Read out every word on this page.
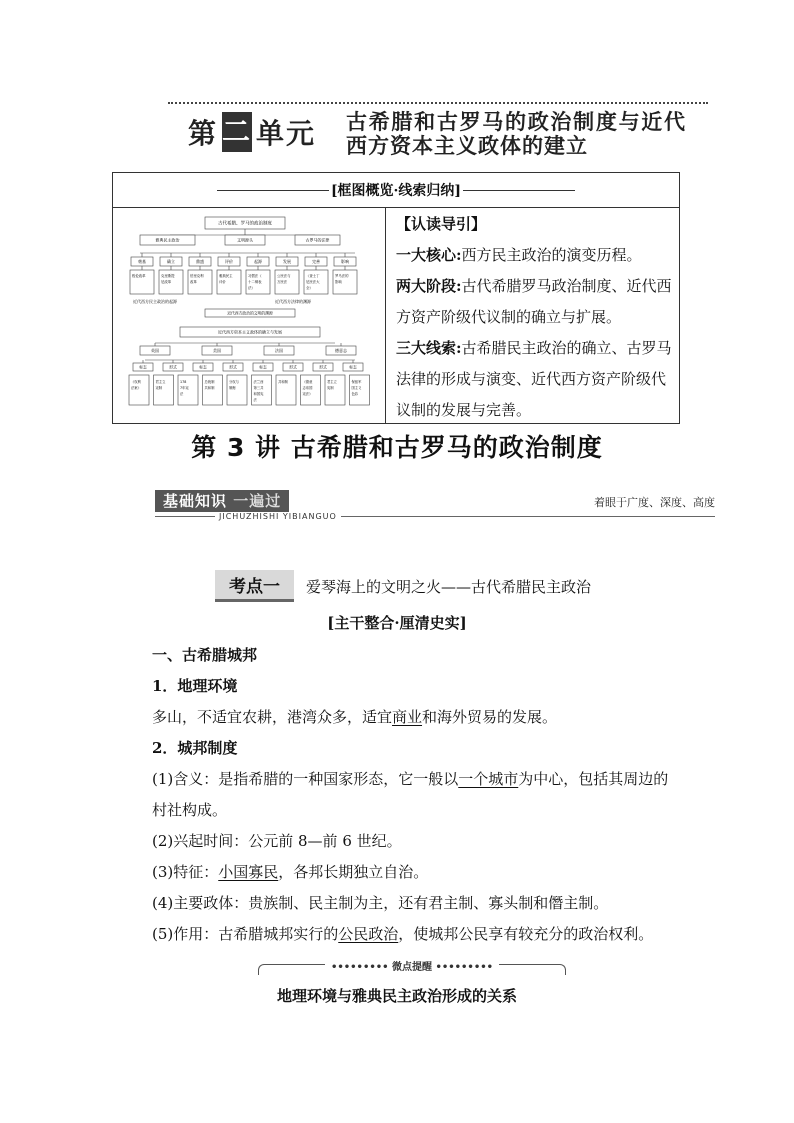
第 二 单元 古希腊和古罗马的政治制度与近代西方资本主义政体的建立
[框图概览·线索归纳]
古代希腊、罗马的政治制度
雅典民主政治	文明源头	古罗马的法律
奠基
梭伦改革
确立
克里斯提
尼改革
鼎盛
伯里克利
改革
评价
雅典民主
评价
起源
习惯法《
十二铜表
法》
发展
公民法与
万民法
完善
《查士丁
尼民法大
全》
影响
罗马法的
影响
近代西方民主政治的起源	近代西方法律的渊源
近代西方政治的文明的渊源
近代西方资本主义政体的确立与发展
英国	美国	法国	德意志
标志	形式	标志	形式	标志	形式	形式	标志
《权利
法案》
君主立
宪制
178
7年宪
法
总统制
共和制
分权与
制衡
法兰西
第三共
和国宪
法
共和制	《德意
志帝国
宪法》
君主立
宪制
保留军
国主义
色彩
【认读导引】
一大核心:西方民主政治的演变历程。
两大阶段:古代希腊罗马政治制度、近代西方资产阶级代议制的确立与扩展。
三大线索:古希腊民主政治的确立、古罗马法律的形成与演变、近代西方资产阶级代议制的发展与完善。
第 3 讲 古希腊和古罗马的政治制度
基础知识 一遍过
JICHUZHISHI YIBIANGUO
着眼于广度、深度、高度
考点一	爱琴海上的文明之火——古代希腊民主政治
[主干整合·厘清史实]

一、古希腊城邦

1．地理环境

多山，不适宜农耕，港湾众多，适宜商业和海外贸易的发展。

2．城邦制度

(1)含义：是指希腊的一种国家形态，它一般以一个城市为中心，包括其周边的村社构成。

(2)兴起时间：公元前 8—前 6 世纪。

(3)特征：小国寡民，各邦长期独立自治。

(4)主要政体：贵族制、民主制为主，还有君主制、寡头制和僭主制。

(5)作用：古希腊城邦实行的公民政治，使城邦公民享有较充分的政治权利。

••••••••• 微点提醒 •••••••••
地理环境与雅典民主政治形成的关系
